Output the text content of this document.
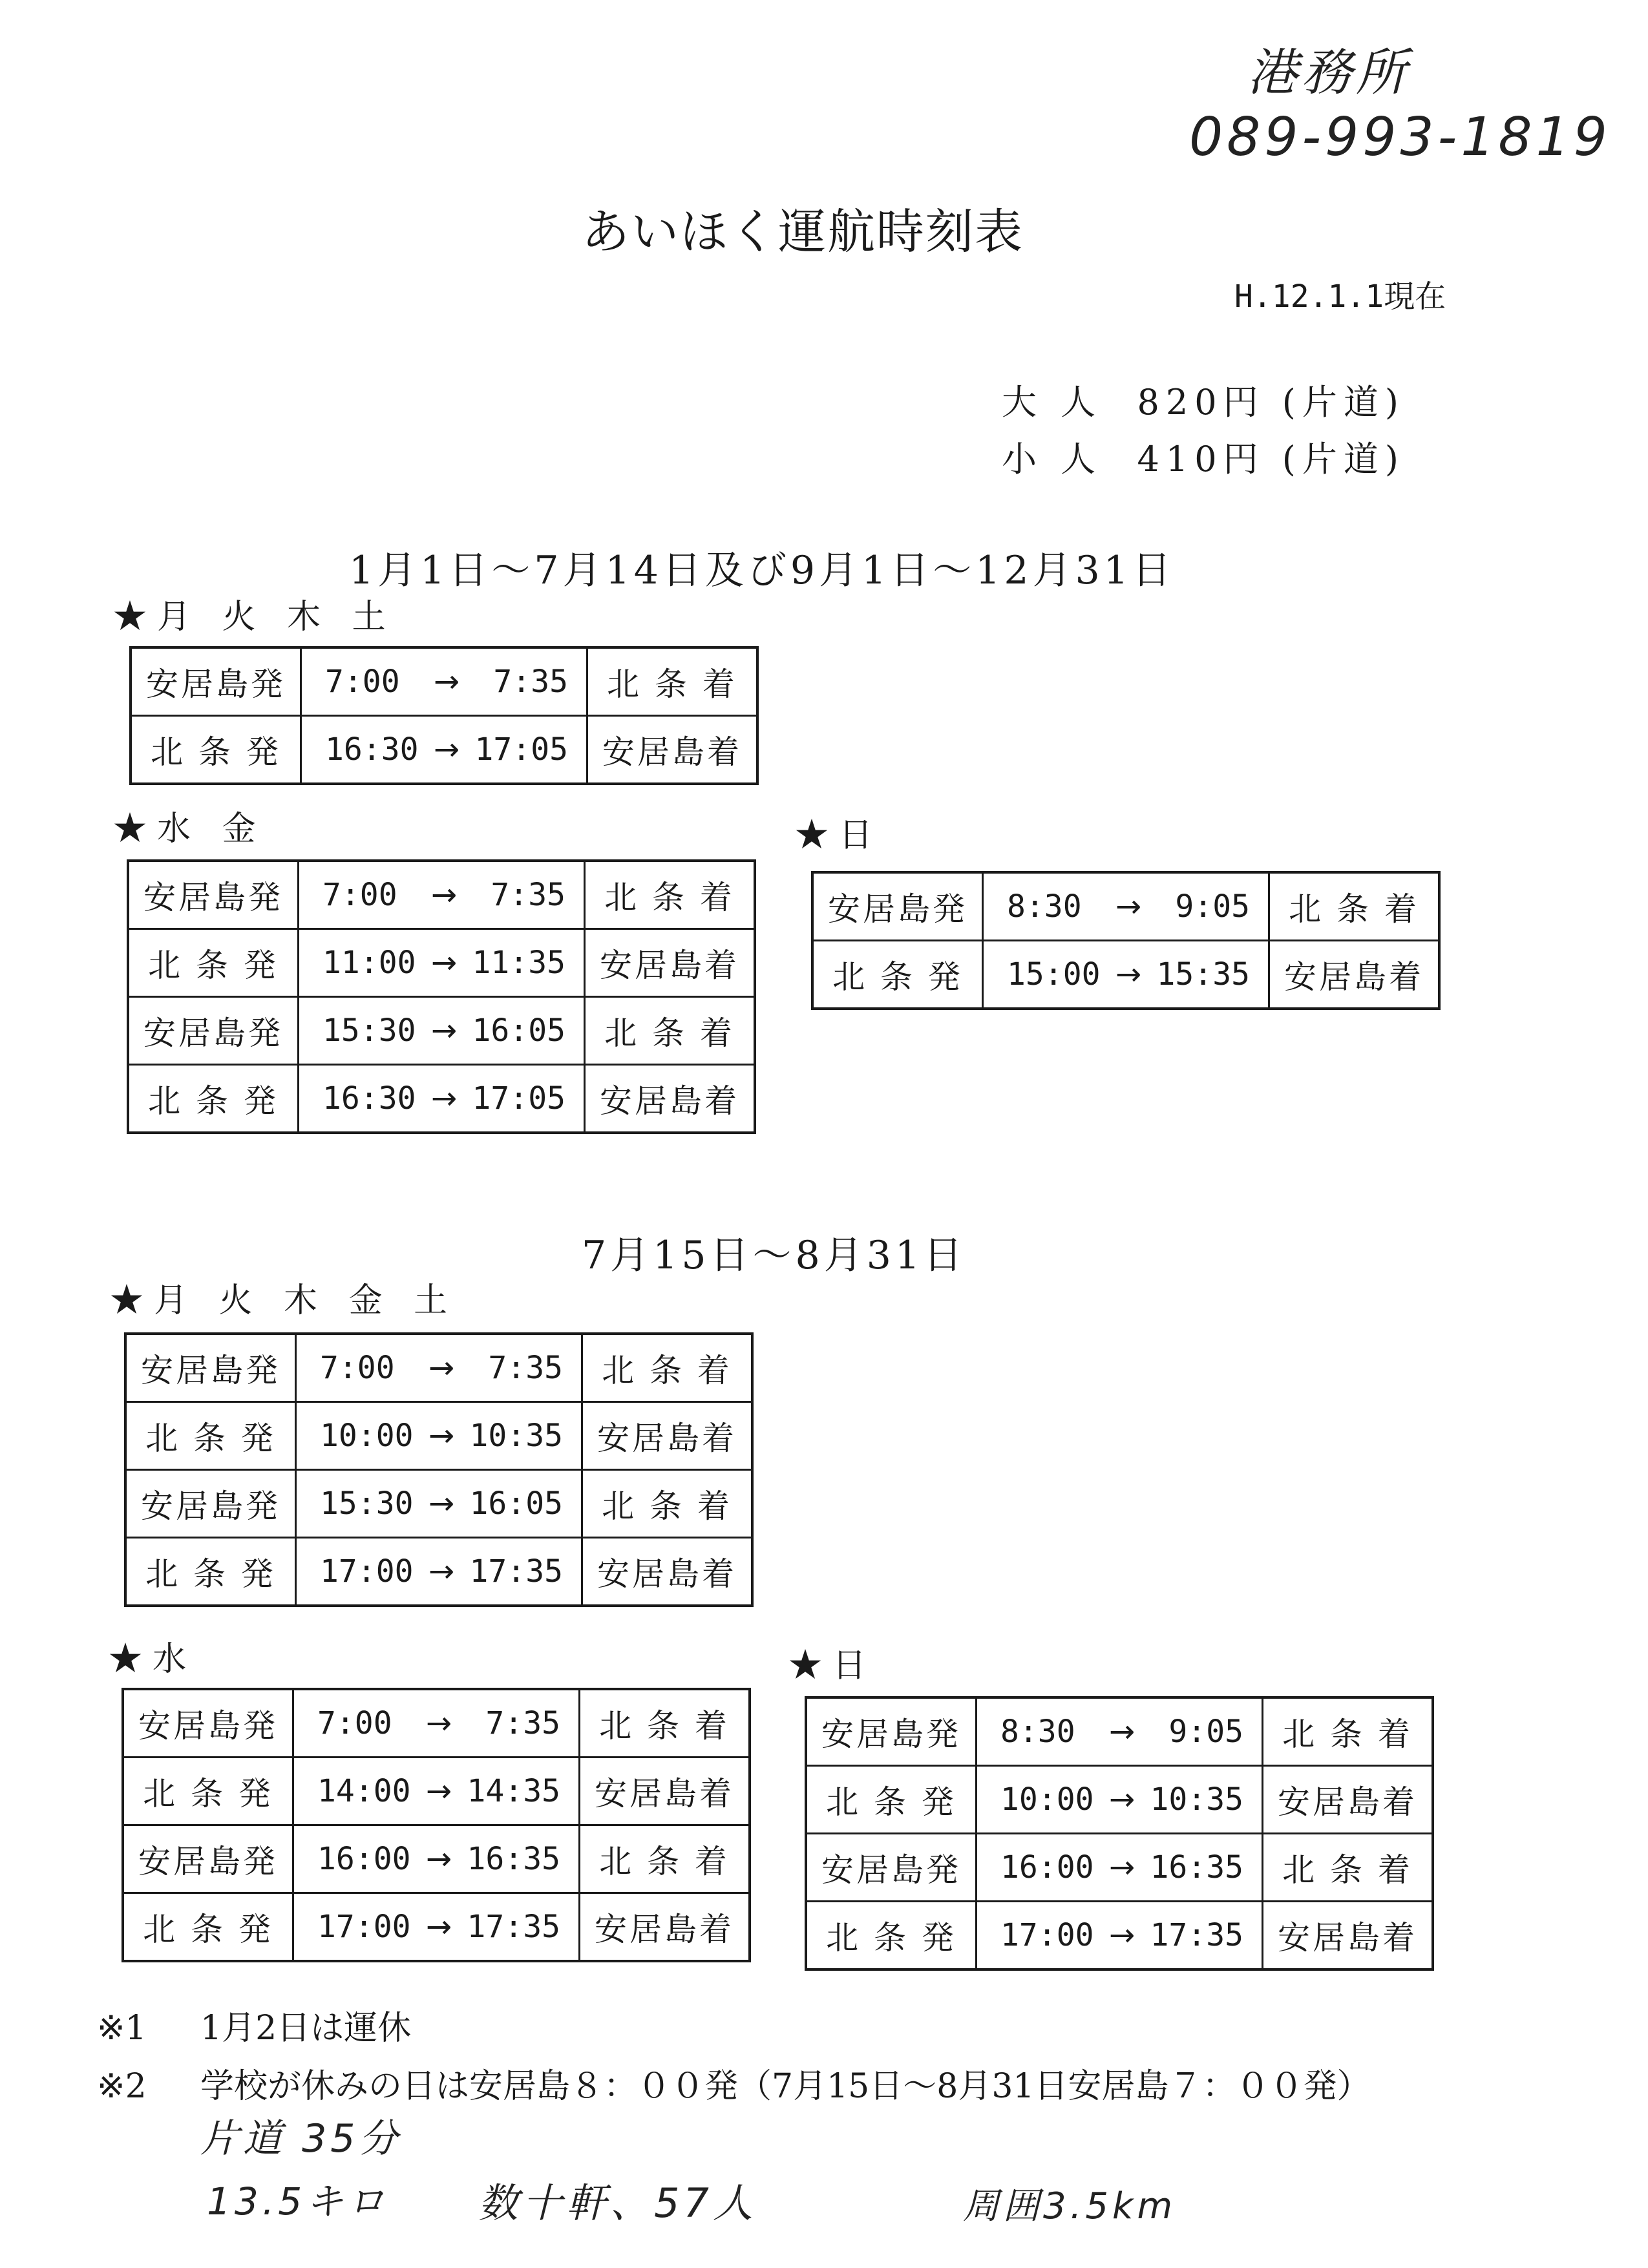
港務所
089-993-1819
あいほく運航時刻表
H.12.1.1現在
大 人 820円 (片道)
小 人 410円 (片道)
1月1日～7月14日及び9月1日～12月31日
★月 火 木 土
安居島発	7:00 → 7:35	北 条 着
北 条 発	16:30 → 17:05	安居島着
★水 金
安居島発	7:00 → 7:35	北 条 着
北 条 発	11:00 → 11:35	安居島着
安居島発	15:30 → 16:05	北 条 着
北 条 発	16:30 → 17:05	安居島着
★日
安居島発	8:30 → 9:05	北 条 着
北 条 発	15:00 → 15:35	安居島着
7月15日～8月31日
★月 火 木 金 土
安居島発	7:00 → 7:35	北 条 着
北 条 発	10:00 → 10:35	安居島着
安居島発	15:30 → 16:05	北 条 着
北 条 発	17:00 → 17:35	安居島着
★水
安居島発	7:00 → 7:35	北 条 着
北 条 発	14:00 → 14:35	安居島着
安居島発	16:00 → 16:35	北 条 着
北 条 発	17:00 → 17:35	安居島着
★日
安居島発	8:30 → 9:05	北 条 着
北 条 発	10:00 → 10:35	安居島着
安居島発	16:00 → 16:35	北 条 着
北 条 発	17:00 → 17:35	安居島着
※1 1月2日は運休
※2 学校が休みの日は安居島８：００発（7月15日～8月31日安居島７：００発）
片道 35分
13.5キロ 数十軒、57人	周囲3.5km
